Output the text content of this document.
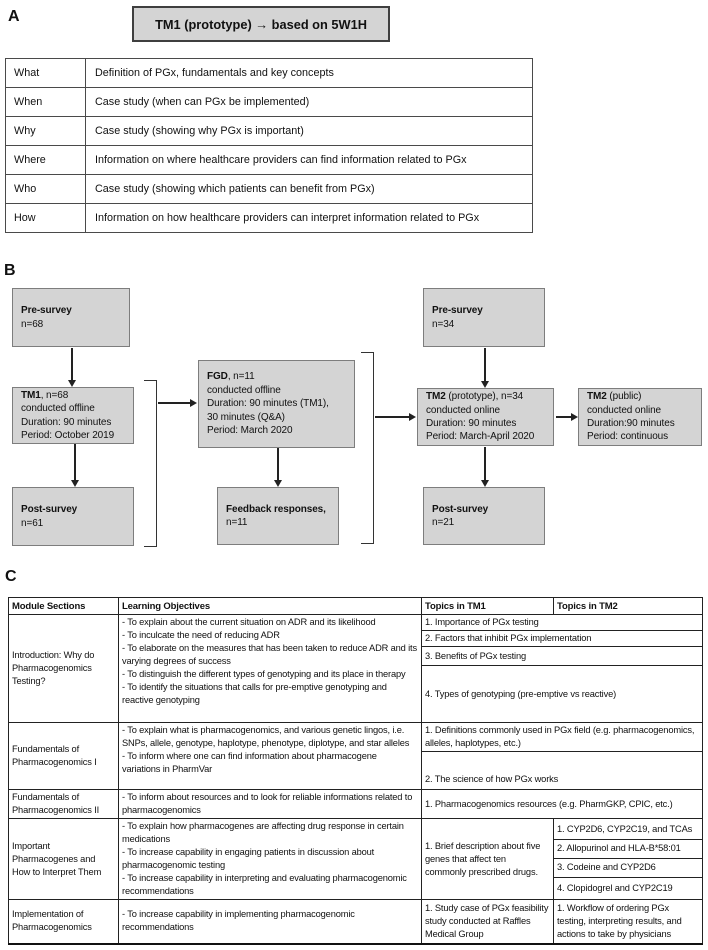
A	TM1 (prototype) → based on 5W1H
What	Definition of PGx, fundamentals and key concepts
When	Case study (when can PGx be implemented)
Why	Case study (showing why PGx is important)
Where	Information on where healthcare providers can find information related to PGx
Who	Case study (showing which patients can benefit from PGx)
How	Information on how healthcare providers can interpret information related to PGx
B
Pre-survey
n=68
TM1, n=68
conducted offline
Duration: 90 minutes
Period: October 2019
Post-survey
n=61
FGD, n=11
conducted offline
Duration: 90 minutes (TM1),
30 minutes (Q&A)
Period: March 2020
Feedback responses, n=11
Pre-survey
n=34
TM2 (prototype), n=34
conducted online
Duration: 90 minutes
Period: March-April 2020
TM2 (public)
conducted online
Duration:90 minutes
Period: continuous
Post-survey
n=21
C
Module Sections	Learning Objectives	Topics in TM1	Topics in TM2
Introduction: Why do Pharmacogenomics Testing?	- To explain about the current situation on ADR and its likelihood
- To inculcate the need of reducing ADR
- To elaborate on the measures that has been taken to reduce ADR and its varying degrees of success
- To distinguish the different types of genotyping and its place in therapy
- To identify the situations that calls for pre-emptive genotyping and reactive genotyping	1. Importance of PGx testing	
		2. Factors that inhibit PGx implementation	
		3. Benefits of PGx testing	
		4. Types of genotyping (pre-emptive vs reactive)	
Fundamentals of Pharmacogenomics I	- To explain what is pharmacogenomics, and various genetic lingos, i.e. SNPs, allele, genotype, haplotype, phenotype, diplotype, and star alleles
- To inform where one can find information about pharmacogene variations in PharmVar	1. Definitions commonly used in PGx field (e.g. pharmacogenomics, alleles, haplotypes, etc.)	
		2. The science of how PGx works	
Fundamentals of Pharmacogenomics II	- To inform about resources and to look for reliable informations related to pharmacogenomics	1. Pharmacogenomics resources (e.g. PharmGKP, CPIC, etc.)	
Important Pharmacogenes and How to Interpret Them	- To explain how pharmacogenes are affecting drug response in certain medications
- To increase capability in engaging patients in discussion about pharmacogenomic testing
- To increase capability in interpreting and evaluating pharmacogenomic recommendations	1. Brief description about five genes that affect ten commonly prescribed drugs.	1. CYP2D6, CYP2C19, and TCAs
			2. Allopurinol and HLA-B*58:01
			3. Codeine and CYP2D6
			4. Clopidogrel and CYP2C19
Implementation of Pharmacogenomics	- To increase capability in implementing pharmacogenomic recommendations	1. Study case of PGx feasibility study conducted at Raffles Medical Group	1. Workflow of ordering PGx testing, interpreting results, and actions to take by physicians
